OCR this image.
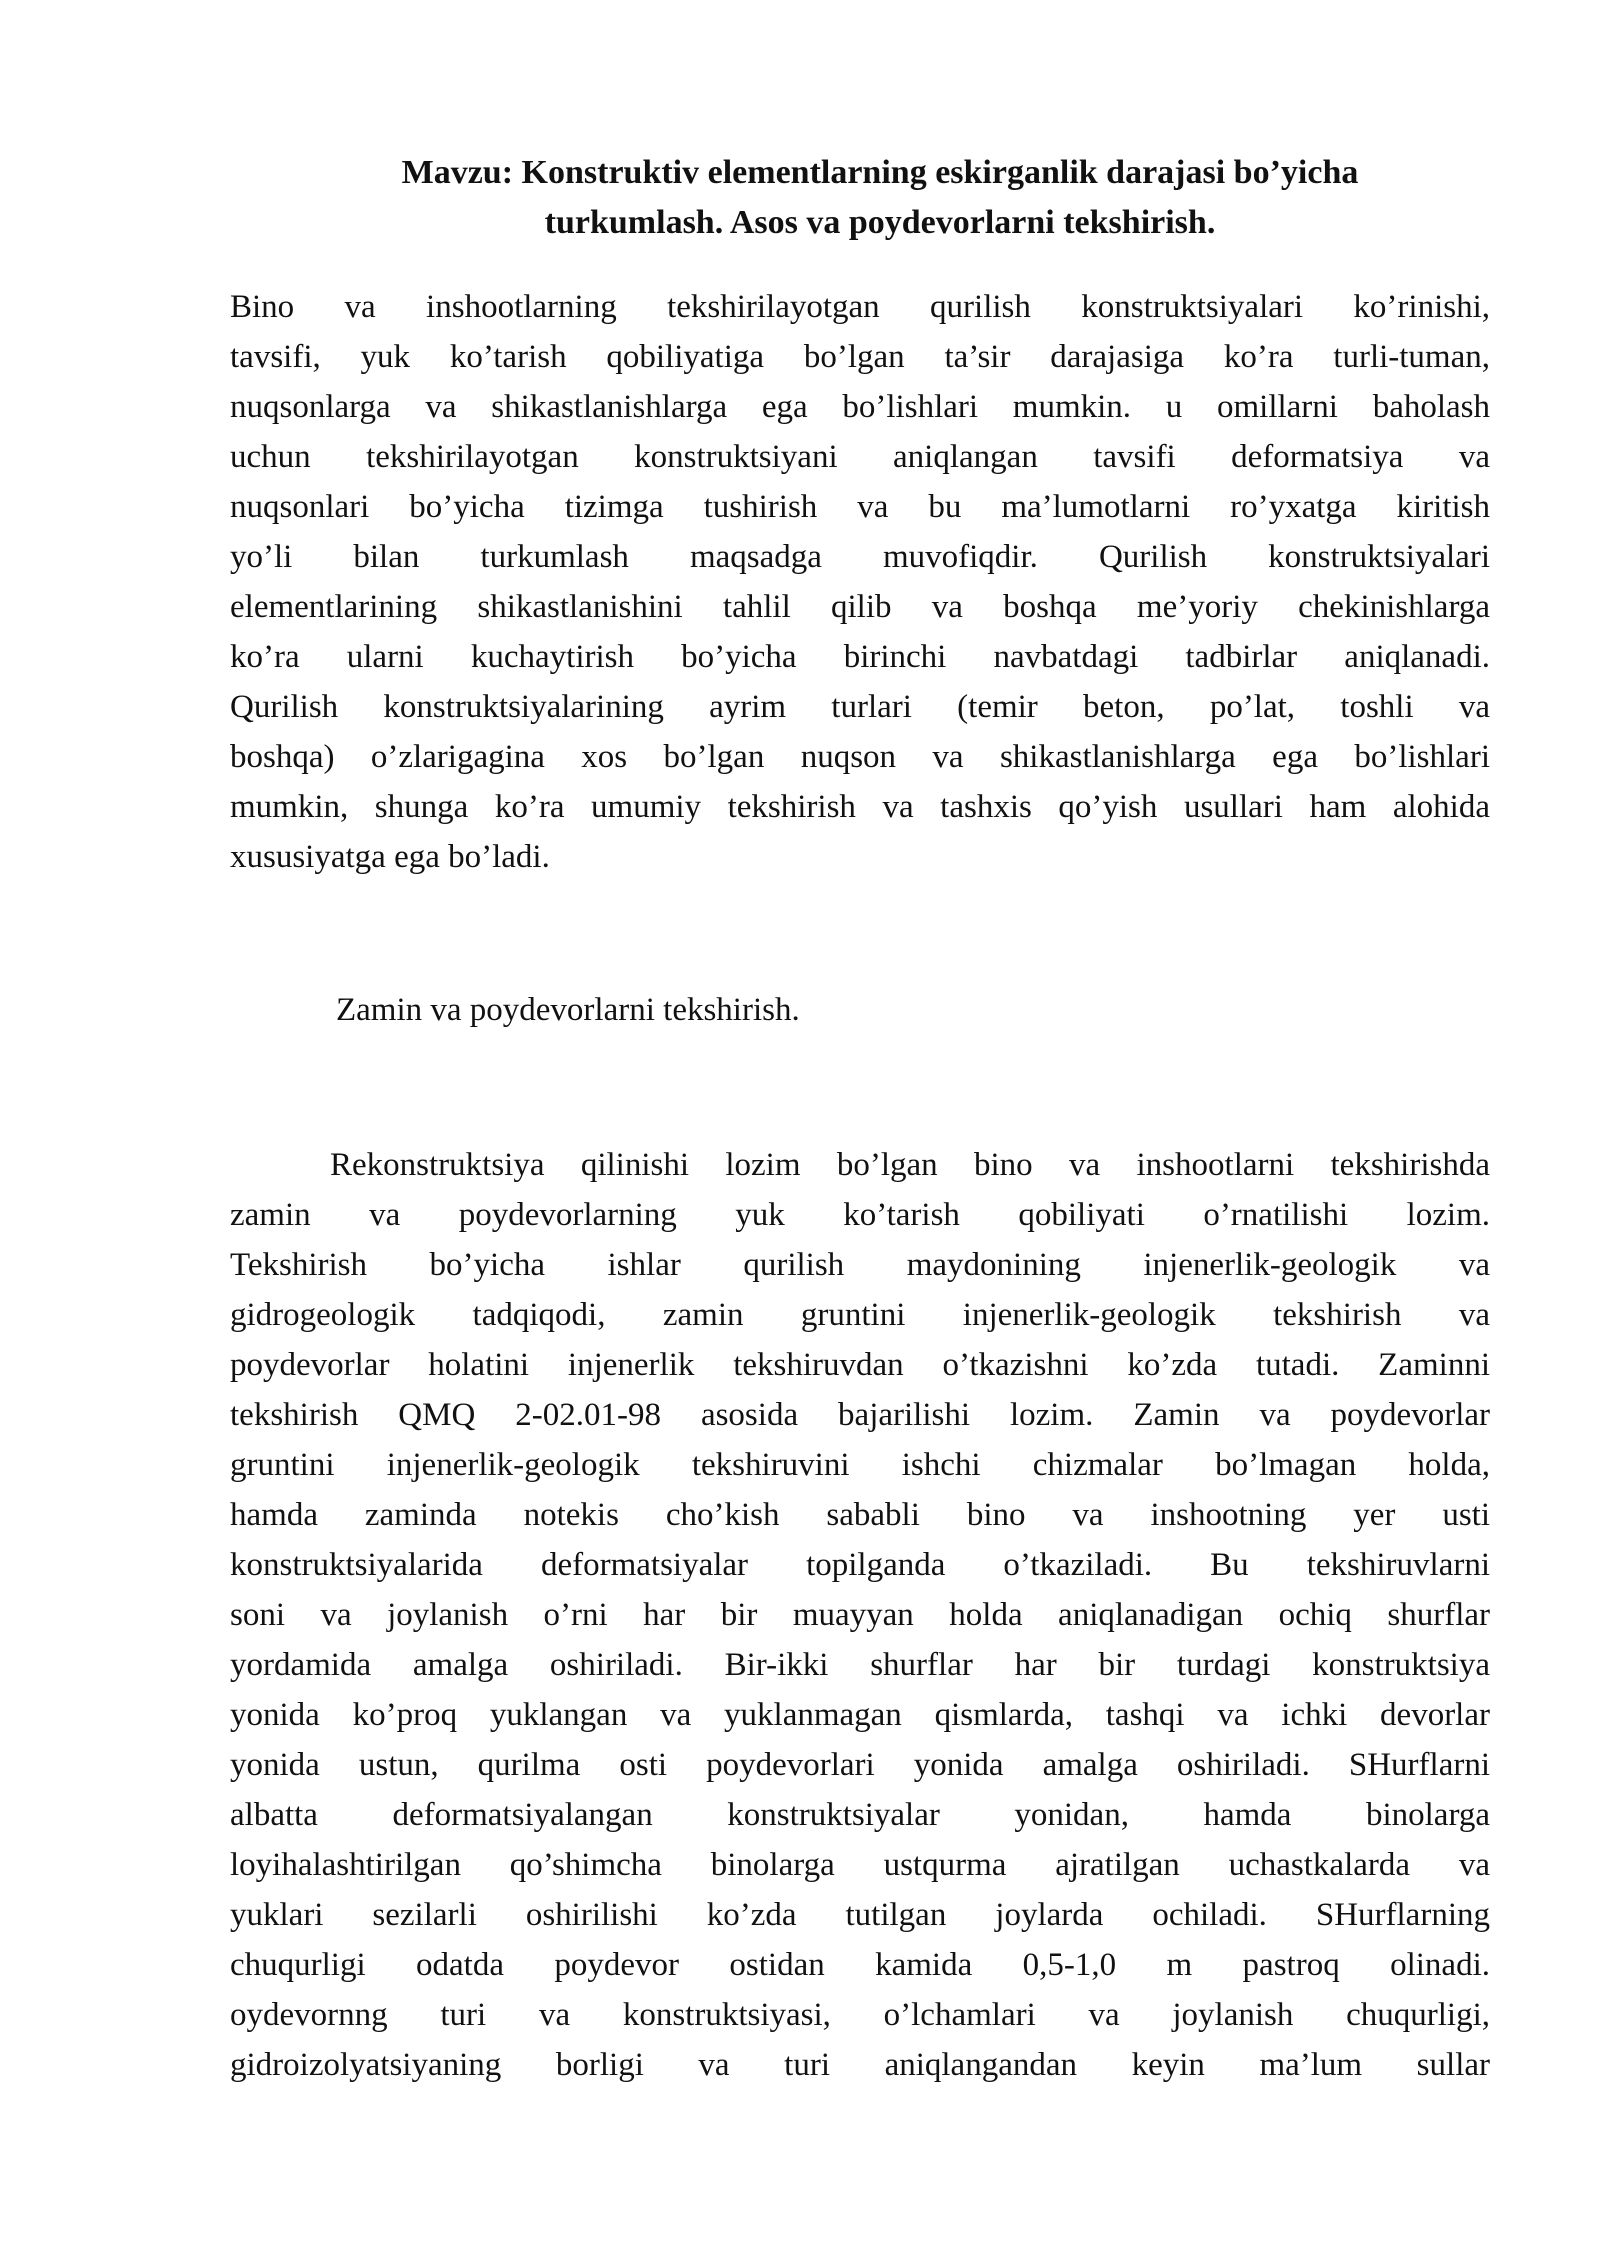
Mavzu: Konstruktiv elementlarning eskirganlik darajasi bo’yicha
turkumlash. Asos va poydevorlarni tekshirish.

Bino va inshootlarning tekshirilayotgan qurilish konstruktsiyalari ko’rinishi,
tavsifi, yuk ko’tarish qobiliyatiga bo’lgan ta’sir darajasiga ko’ra turli-tuman,
nuqsonlarga va shikastlanishlarga ega bo’lishlari mumkin. u omillarni baholash
uchun tekshirilayotgan konstruktsiyani aniqlangan tavsifi deformatsiya va
nuqsonlari bo’yicha tizimga tushirish va bu ma’lumotlarni ro’yxatga kiritish
yo’li bilan turkumlash maqsadga muvofiqdir. Qurilish konstruktsiyalari
elementlarining shikastlanishini tahlil qilib va boshqa me’yoriy chekinishlarga
ko’ra ularni kuchaytirish bo’yicha birinchi navbatdagi tadbirlar aniqlanadi.
Qurilish konstruktsiyalarining ayrim turlari (temir beton, po’lat, toshli va
boshqa) o’zlarigagina xos bo’lgan nuqson va shikastlanishlarga ega bo’lishlari
mumkin, shunga ko’ra umumiy tekshirish va tashxis qo’yish usullari ham alohida
xususiyatga ega bo’ladi.

Zamin va poydevorlarni tekshirish.

Rekonstruktsiya qilinishi lozim bo’lgan bino va inshootlarni tekshirishda
zamin va poydevorlarning yuk ko’tarish qobiliyati o’rnatilishi lozim.
Tekshirish bo’yicha ishlar qurilish maydonining injenerlik-geologik va
gidrogeologik tadqiqodi, zamin gruntini injenerlik-geologik tekshirish va
poydevorlar holatini injenerlik tekshiruvdan o’tkazishni ko’zda tutadi. Zaminni
tekshirish QMQ 2-02.01-98 asosida bajarilishi lozim. Zamin va poydevorlar
gruntini injenerlik-geologik tekshiruvini ishchi chizmalar bo’lmagan holda,
hamda zaminda notekis cho’kish sababli bino va inshootning yer usti
konstruktsiyalarida deformatsiyalar topilganda o’tkaziladi. Bu tekshiruvlarni
soni va joylanish o’rni har bir muayyan holda aniqlanadigan ochiq shurflar
yordamida amalga oshiriladi. Bir-ikki shurflar har bir turdagi konstruktsiya
yonida ko’proq yuklangan va yuklanmagan qismlarda, tashqi va ichki devorlar
yonida ustun, qurilma osti poydevorlari yonida amalga oshiriladi. SHurflarni
albatta deformatsiyalangan konstruktsiyalar yonidan, hamda binolarga
loyihalashtirilgan qo’shimcha binolarga ustqurma ajratilgan uchastkalarda va
yuklari sezilarli oshirilishi ko’zda tutilgan joylarda ochiladi. SHurflarning
chuqurligi odatda poydevor ostidan kamida 0,5-1,0 m pastroq olinadi.
oydevornng turi va konstruktsiyasi, o’lchamlari va joylanish chuqurligi,
gidroizolyatsiyaning borligi va turi aniqlangandan keyin ma’lum sullar
